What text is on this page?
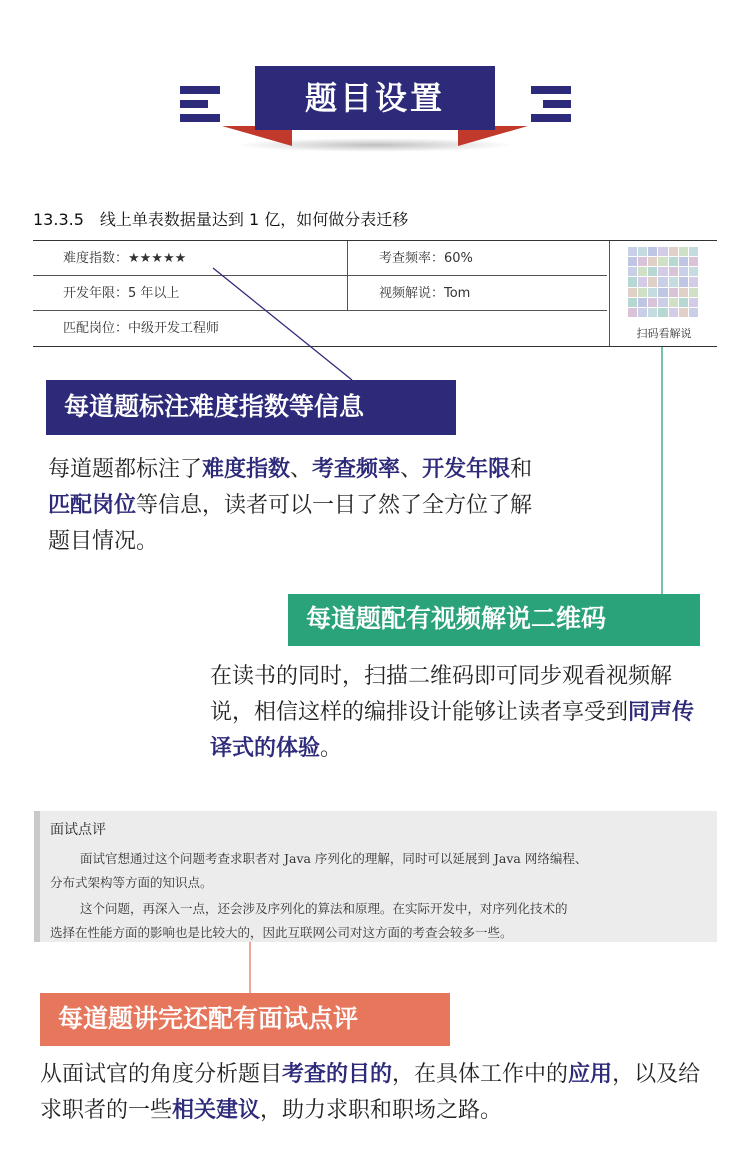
题目设置
13.3.5 线上单表数据量达到 1 亿，如何做分表迁移
难度指数：★★★★★	考查频率：60%
开发年限：5 年以上	视频解说：Tom
匹配岗位：中级开发工程师	扫码看解说
每道题标注难度指数等信息
每道题都标注了难度指数、考查频率、开发年限和匹配岗位等信息，读者可以一目了然了全方位了解题目情况。
每道题配有视频解说二维码
在读书的同时，扫描二维码即可同步观看视频解说，相信这样的编排设计能够让读者享受到同声传译式的体验。
面试点评
面试官想通过这个问题考查求职者对 Java 序列化的理解，同时可以延展到 Java 网络编程、
分布式架构等方面的知识点。
这个问题，再深入一点，还会涉及序列化的算法和原理。在实际开发中，对序列化技术的
选择在性能方面的影响也是比较大的，因此互联网公司对这方面的考查会较多一些。
每道题讲完还配有面试点评
从面试官的角度分析题目考查的目的，在具体工作中的应用，以及给求职者的一些相关建议，助力求职和职场之路。
